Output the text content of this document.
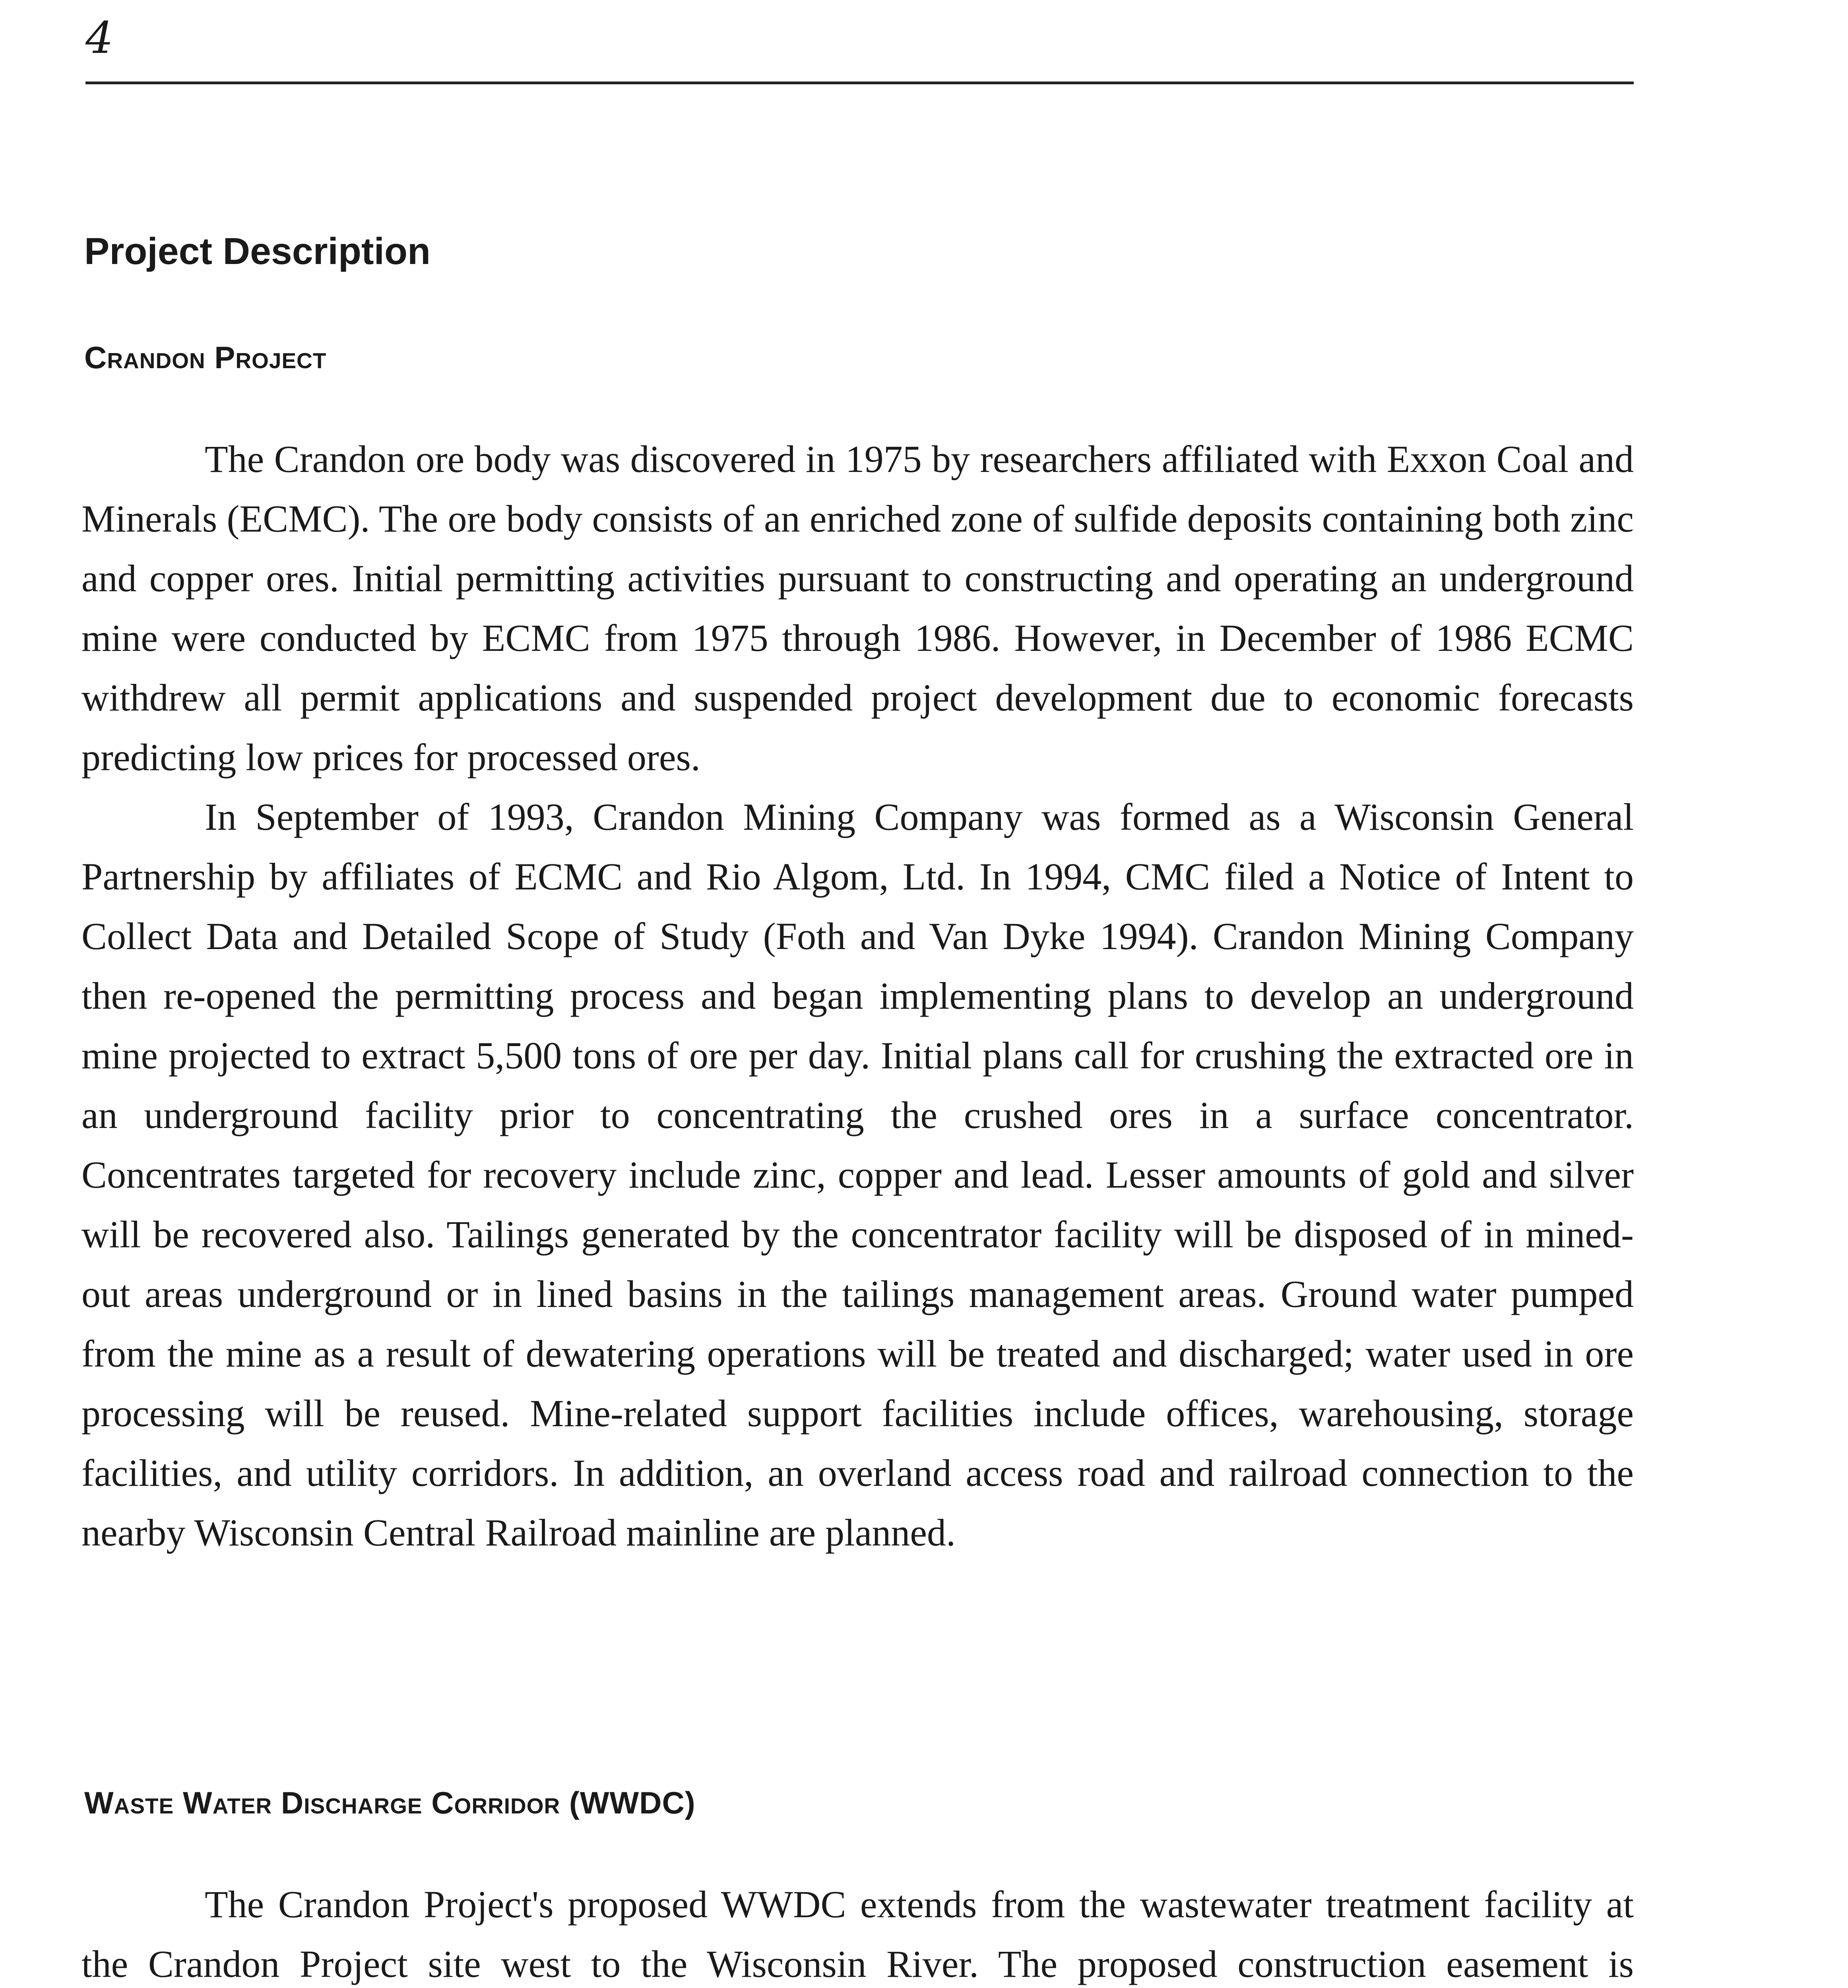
4
Project Description
Crandon Project

The Crandon ore body was discovered in 1975 by researchers affiliated with Exxon Coal and Minerals (ECMC). The ore body consists of an enriched zone of sulfide deposits containing both zinc and copper ores. Initial permitting activities pursuant to constructing and operating an underground mine were conducted by ECMC from 1975 through 1986. However, in December of 1986 ECMC withdrew all permit applications and suspended project development due to economic forecasts predicting low prices for processed ores.

In September of 1993, Crandon Mining Company was formed as a Wisconsin General Partnership by affiliates of ECMC and Rio Algom, Ltd. In 1994, CMC filed a Notice of Intent to Collect Data and Detailed Scope of Study (Foth and Van Dyke 1994). Crandon Mining Company then re-opened the permitting process and began implementing plans to develop an underground mine projected to extract 5,500 tons of ore per day. Initial plans call for crushing the extracted ore in an underground facility prior to concentrating the crushed ores in a surface concentrator. Concentrates targeted for recovery include zinc, copper and lead. Lesser amounts of gold and silver will be recovered also. Tailings generated by the concentrator facility will be disposed of in mined-out areas underground or in lined basins in the tailings management areas. Ground water pumped from the mine as a result of dewatering operations will be treated and discharged; water used in ore processing will be reused. Mine-related support facilities include offices, warehousing, storage facilities, and utility corridors. In addition, an overland access road and railroad connection to the nearby Wisconsin Central Railroad mainline are planned.

Waste Water Discharge Corridor (WWDC)

The Crandon Project's proposed WWDC extends from the wastewater treatment facility at the Crandon Project site west to the Wisconsin River. The proposed construction easement is
